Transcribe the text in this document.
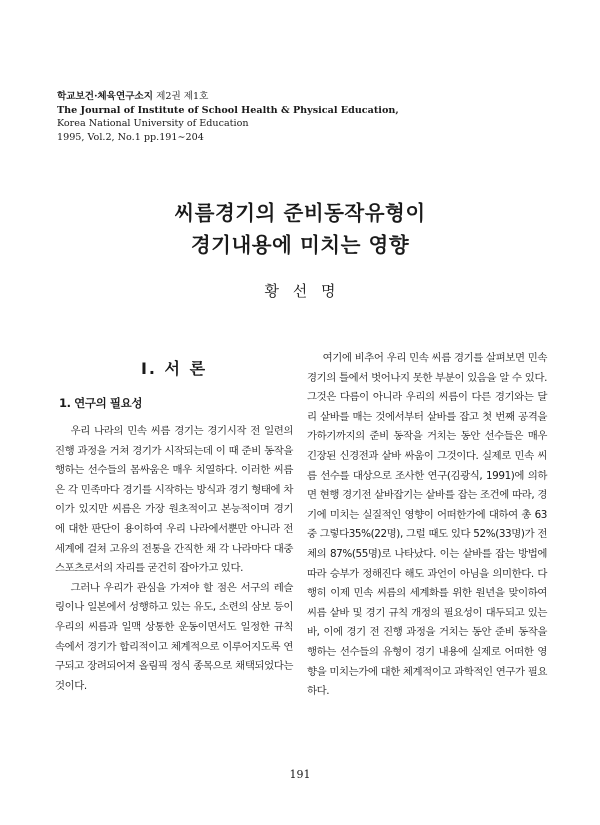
학교보건·체육연구소지 제2권 제1호
The Journal of Institute of School Health & Physical Education,
Korea National University of Education
1995, Vol.2, No.1 pp.191∼204
씨름경기의 준비동작유형이
경기내용에 미치는 영향
황 선 명
Ⅰ. 서 론
1. 연구의 필요성

우리 나라의 민속 씨름 경기는 경기시작 전 일련의 진행 과정을 거쳐 경기가 시작되는데 이 때 준비 동작을 행하는 선수들의 몸싸움은 매우 치열하다. 이러한 씨름은 각 민족마다 경기를 시작하는 방식과 경기 형태에 차이가 있지만 씨름은 가장 원초적이고 본능적이며 경기에 대한 판단이 용이하여 우리 나라에서뿐만 아니라 전세계에 걸쳐 고유의 전통을 간직한 채 각 나라마다 대중 스포츠로서의 자리를 굳건히 잡아가고 있다.

그러나 우리가 관심을 가져야 할 점은 서구의 레슬링이나 일본에서 성행하고 있는 유도, 소련의 삼보 등이 우리의 씨름과 일맥 상통한 운동이면서도 일정한 규칙 속에서 경기가 합리적이고 체계적으로 이루어지도록 연구되고 장려되어져 올림픽 정식 종목으로 채택되었다는 것이다.

여기에 비추어 우리 민속 씨름 경기를 살펴보면 민속 경기의 틀에서 벗어나지 못한 부분이 있음을 알 수 있다. 그것은 다름이 아니라 우리의 씨름이 다른 경기와는 달리 샅바를 매는 것에서부터 샅바를 잡고 첫 번째 공격을 가하기까지의 준비 동작을 거치는 동안 선수들은 매우 긴장된 신경전과 샅바 싸움이 그것이다. 실제로 민속 씨름 선수를 대상으로 조사한 연구(김광식, 1991)에 의하면 현행 경기전 샅바잡기는 샅바를 잡는 조건에 따라, 경기에 미치는 실질적인 영향이 어떠한가에 대하여 총 63중 그렇다35%(22명), 그럴 때도 있다 52%(33명)가 전체의 87%(55명)로 나타났다. 이는 샅바를 잡는 방법에 따라 승부가 정해진다 해도 과언이 아님을 의미한다. 다행히 이제 민속 씨름의 세계화를 위한 원년을 맞이하여 씨름 샅바 및 경기 규칙 개정의 필요성이 대두되고 있는 바, 이에 경기 전 진행 과정을 거치는 동안 준비 동작을 행하는 선수들의 유형이 경기 내용에 실제로 어떠한 영향을 미치는가에 대한 체계적이고 과학적인 연구가 필요하다.

191
